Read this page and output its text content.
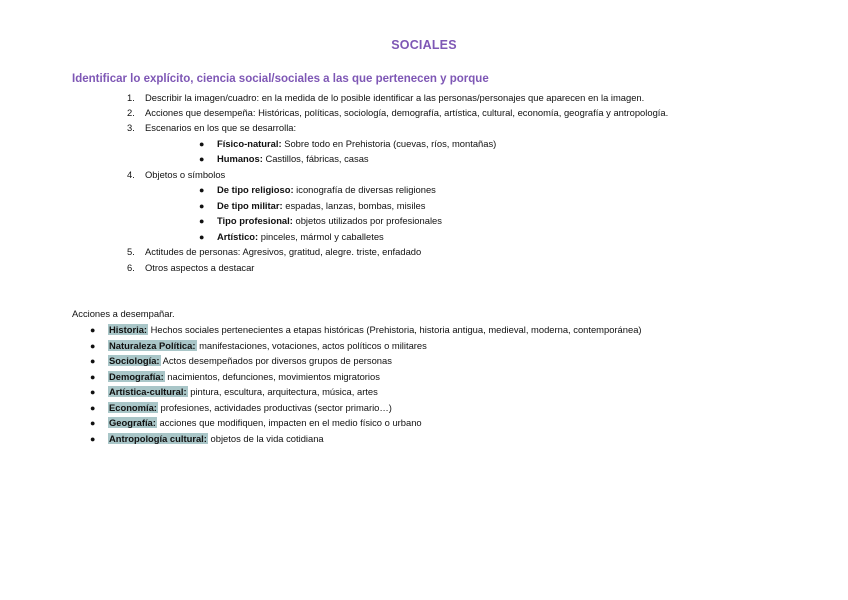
SOCIALES
Identificar lo explícito, ciencia social/sociales a las que pertenecen y porque
1. Describir la imagen/cuadro: en la medida de lo posible identificar a las personas/personajes que aparecen en la imagen.
2. Acciones que desempeña: Históricas, políticas, sociología, demografía, artística, cultural, economía, geografía y antropología.
3. Escenarios en los que se desarrolla:
● Físico-natural: Sobre todo en Prehistoria (cuevas, ríos, montañas)
● Humanos: Castillos, fábricas, casas
4. Objetos o símbolos
● De tipo religioso: iconografía de diversas religiones
● De tipo militar: espadas, lanzas, bombas, misiles
● Tipo profesional: objetos utilizados por profesionales
● Artístico: pinceles, mármol y caballetes
5. Actitudes de personas: Agresivos, gratitud, alegre. triste, enfadado
6. Otros aspectos a destacar
Acciones a desempañar.
● Historia: Hechos sociales pertenecientes a etapas históricas (Prehistoria, historia antigua, medieval, moderna, contemporánea)
● Naturaleza Política: manifestaciones, votaciones, actos políticos o militares
● Sociología: Actos desempeñados por diversos grupos de personas
● Demografía: nacimientos, defunciones, movimientos migratorios
● Artística-cultural: pintura, escultura, arquitectura, música, artes
● Economía: profesiones, actividades productivas (sector primario…)
● Geografía: acciones que modifiquen, impacten en el medio físico o urbano
● Antropología cultural: objetos de la vida cotidiana
